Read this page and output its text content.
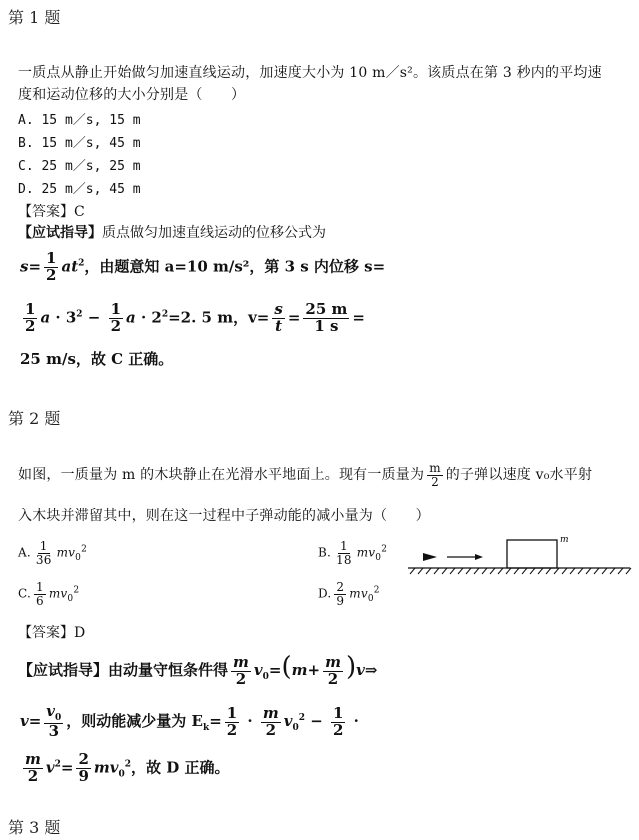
第 1 题
一质点从静止开始做匀加速直线运动，加速度大小为 10 m／s²。该质点在第 3 秒内的平均速
度和运动位移的大小分别是（　　）
A. 15 m／s, 15 m
B. 15 m／s, 45 m
C. 25 m／s, 25 m
D. 25 m／s, 45 m
【答案】C
【应试指导】质点做匀加速直线运动的位移公式为
$s= \frac{1}{2} at^2$，由题意知 a=10 m/s²，第 3 s 内位移 s=
$\frac{1}{2}$ $a \cdot 3^2 - \frac{1}{2}$ $a \cdot 2^2=2$. 5 m，$v= \frac{s}{t} = \frac{25 m}{1 s}$ =
25 m/s，故 C 正确。
第 2 题
如图，一质量为 m 的木块静止在光滑水平地面上。现有一质量为 $\frac{m}{2}$ 的子弹以速度 v₀水平射
入木块并滞留其中，则在这一过程中子弹动能的减小量为（　　）
A. $\frac{1}{36} mv_0^2$	B. $\frac{1}{18} mv_0^2$
C. $\frac{1}{6} mv_0^2$	D. $\frac{2}{9} mv_0^2$
m
【答案】D
【应试指导】由动量守恒条件得 $\frac{m}{2} v_0=(m+ \frac{m}{2}$ )v⇒
$v= \frac{v_0}{3}$ ，则动能减少量为 $E_k= \frac{1}{2} \cdot \frac{m}{2} v_0^2 - \frac{1}{2}$ ·
$\frac{m}{2} v^2= \frac{2}{9} mv_0^2$，故 D 正确。
第 3 题
